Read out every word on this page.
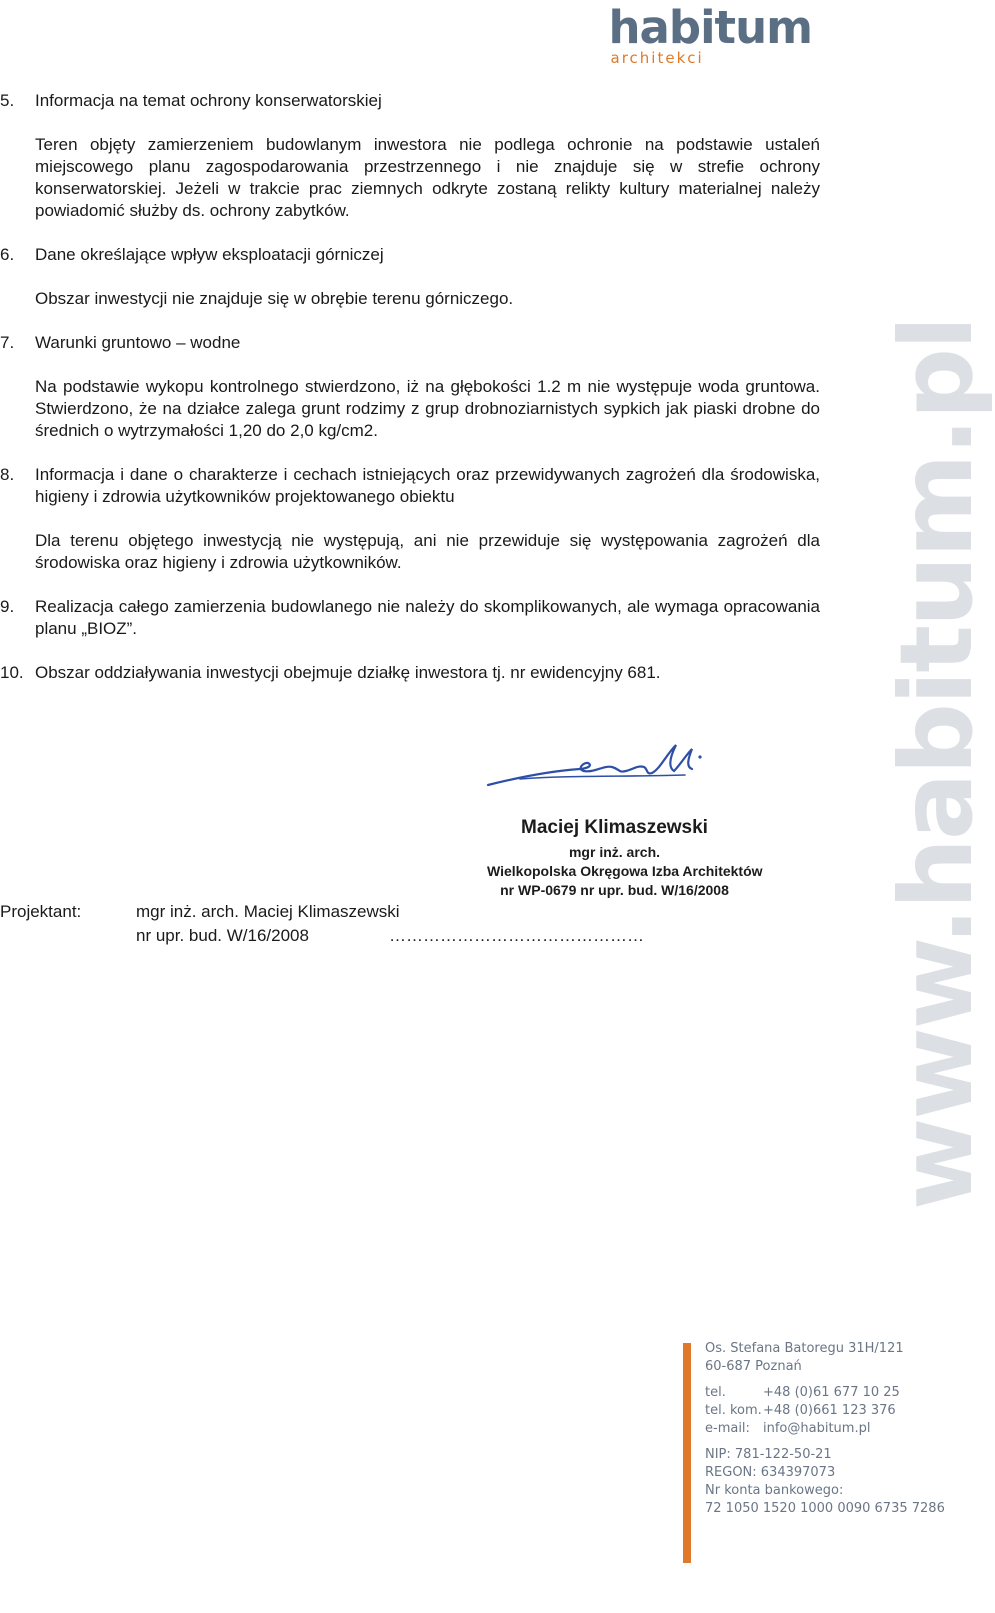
habitum
architekci
www.habitum.pl
5.	Informacja na temat ochrony konserwatorskiej
Teren objęty zamierzeniem budowlanym inwestora nie podlega ochronie na podstawie ustaleń miejscowego planu zagospodarowania przestrzennego i nie znajduje się w strefie ochrony konserwatorskiej. Jeżeli w trakcie prac ziemnych odkryte zostaną relikty kultury materialnej należy powiadomić służby ds. ochrony zabytków.
6.	Dane określające wpływ eksploatacji górniczej
Obszar inwestycji nie znajduje się w obrębie terenu górniczego.
7.	Warunki gruntowo – wodne
Na podstawie wykopu kontrolnego stwierdzono, iż na głębokości 1.2 m nie występuje woda gruntowa. Stwierdzono, że na działce zalega grunt rodzimy z grup drobnoziarnistych sypkich jak piaski drobne do średnich o wytrzymałości 1,20 do 2,0 kg/cm2.
8.	Informacja i dane o charakterze i cechach istniejących oraz przewidywanych zagrożeń dla środowiska, higieny i zdrowia użytkowników projektowanego obiektu
Dla terenu objętego inwestycją nie występują, ani nie przewiduje się występowania zagrożeń dla środowiska oraz higieny i zdrowia użytkowników.
9.	Realizacja całego zamierzenia budowlanego nie należy do skomplikowanych, ale wymaga opracowania planu „BIOZ”.
10. Obszar oddziaływania inwestycji obejmuje działkę inwestora tj. nr ewidencyjny 681.
Maciej Klimaszewski
mgr inż. arch.
Wielkopolska Okręgowa Izba Architektów
nr WP-0679 nr upr. bud. W/16/2008
Projektant:	mgr inż. arch. Maciej Klimaszewski
nr upr. bud. W/16/2008	………………………………………
Os. Stefana Batoregu 31H/121
60-687 Poznań
tel.	+48 (0)61 677 10 25
tel. kom. +48 (0)661 123 376
e-mail:	info@habitum.pl
NIP: 781-122-50-21
REGON: 634397073
Nr konta bankowego:
72 1050 1520 1000 0090 6735 7286
